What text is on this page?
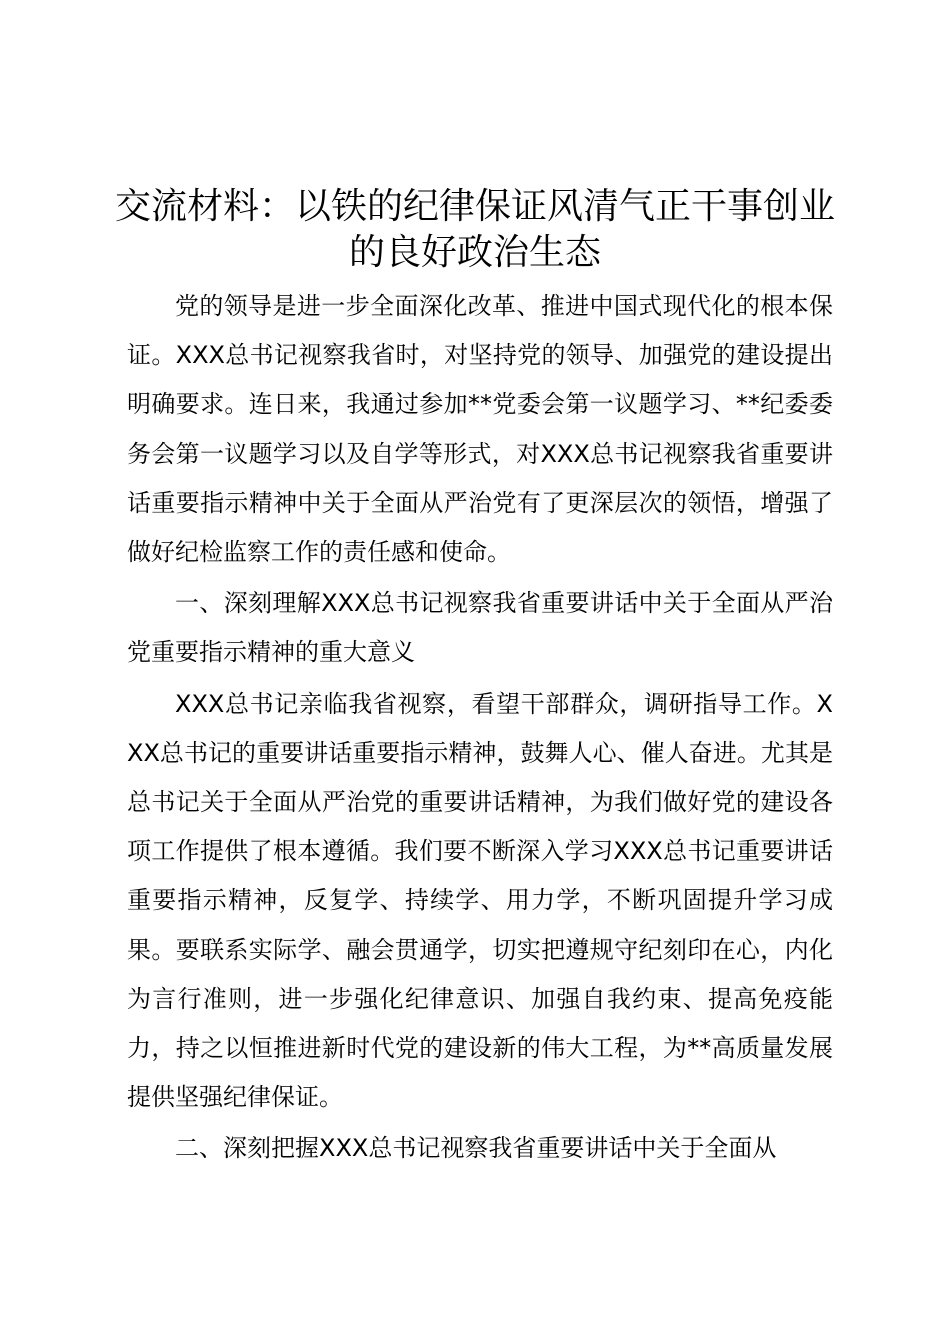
交流材料：以铁的纪律保证风清气正干事创业的良好政治生态

党的领导是进一步全面深化改革、推进中国式现代化的根本保证。XXX总书记视察我省时，对坚持党的领导、加强党的建设提出明确要求。连日来，我通过参加**党委会第一议题学习、**纪委委务会第一议题学习以及自学等形式，对XXX总书记视察我省重要讲话重要指示精神中关于全面从严治党有了更深层次的领悟，增强了做好纪检监察工作的责任感和使命。

一、深刻理解XXX总书记视察我省重要讲话中关于全面从严治党重要指示精神的重大意义

XXX总书记亲临我省视察，看望干部群众，调研指导工作。XXX总书记的重要讲话重要指示精神，鼓舞人心、催人奋进。尤其是总书记关于全面从严治党的重要讲话精神，为我们做好党的建设各项工作提供了根本遵循。我们要不断深入学习XXX总书记重要讲话重要指示精神，反复学、持续学、用力学，不断巩固提升学习成果。要联系实际学、融会贯通学，切实把遵规守纪刻印在心，内化为言行准则，进一步强化纪律意识、加强自我约束、提高免疫能力，持之以恒推进新时代党的建设新的伟大工程，为**高质量发展提供坚强纪律保证。

二、深刻把握XXX总书记视察我省重要讲话中关于全面从
